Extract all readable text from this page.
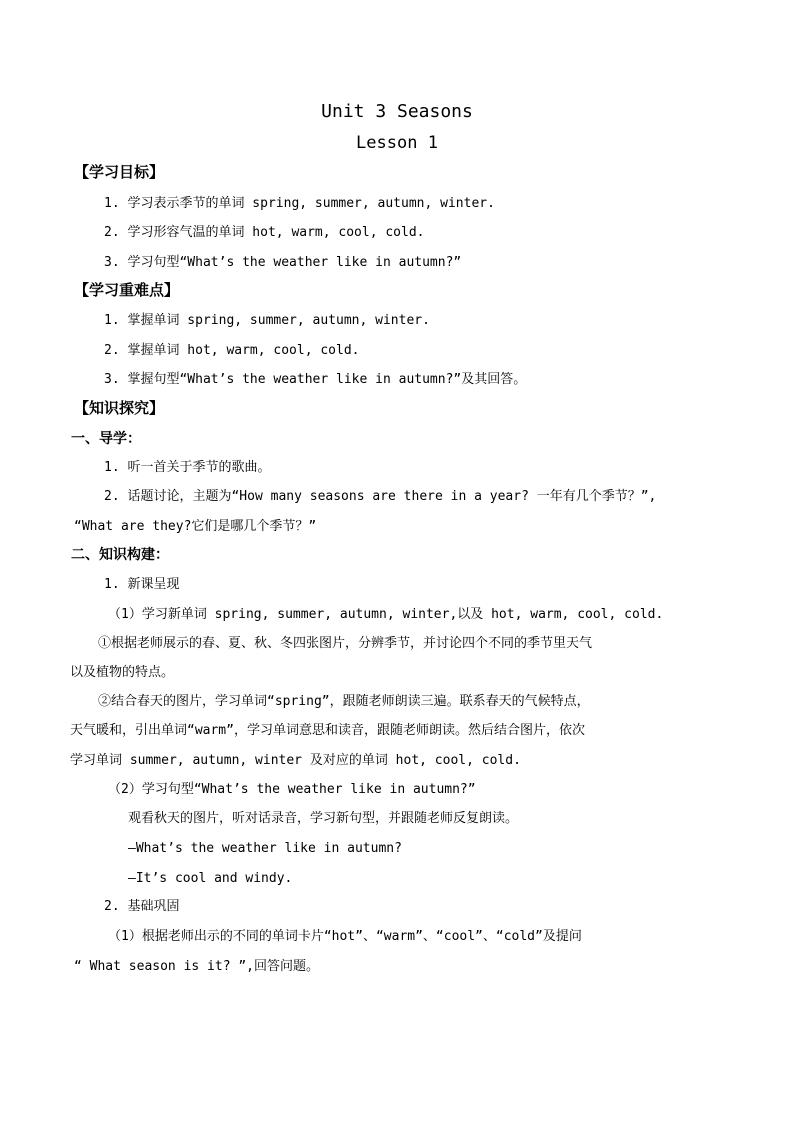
Unit 3 Seasons
Lesson 1
【学习目标】
1. 学习表示季节的单词 spring, summer, autumn, winter.
2. 学习形容气温的单词 hot, warm, cool, cold.
3. 学习句型“What’s the weather like in autumn?”
【学习重难点】
1. 掌握单词 spring, summer, autumn, winter.
2. 掌握单词 hot, warm, cool, cold.
3. 掌握句型“What’s the weather like in autumn?”及其回答。
【知识探究】
一、导学：
1. 听一首关于季节的歌曲。
2. 话题讨论，主题为“How many seasons are there in a year? 一年有几个季节？”,
“What are they?它们是哪几个季节？”
二、知识构建：
1. 新课呈现
（1）学习新单词 spring, summer, autumn, winter,以及 hot, warm, cool, cold.
①根据老师展示的春、夏、秋、冬四张图片，分辨季节，并讨论四个不同的季节里天气
以及植物的特点。
②结合春天的图片，学习单词“spring”，跟随老师朗读三遍。联系春天的气候特点，
天气暖和，引出单词“warm”，学习单词意思和读音，跟随老师朗读。然后结合图片，依次
学习单词 summer, autumn, winter 及对应的单词 hot, cool, cold.
（2）学习句型“What’s the weather like in autumn?”
观看秋天的图片，听对话录音，学习新句型，并跟随老师反复朗读。
—What’s the weather like in autumn?
—It’s cool and windy.
2. 基础巩固
（1）根据老师出示的不同的单词卡片“hot”、“warm”、“cool”、“cold”及提问
“ What season is it? ”,回答问题。
